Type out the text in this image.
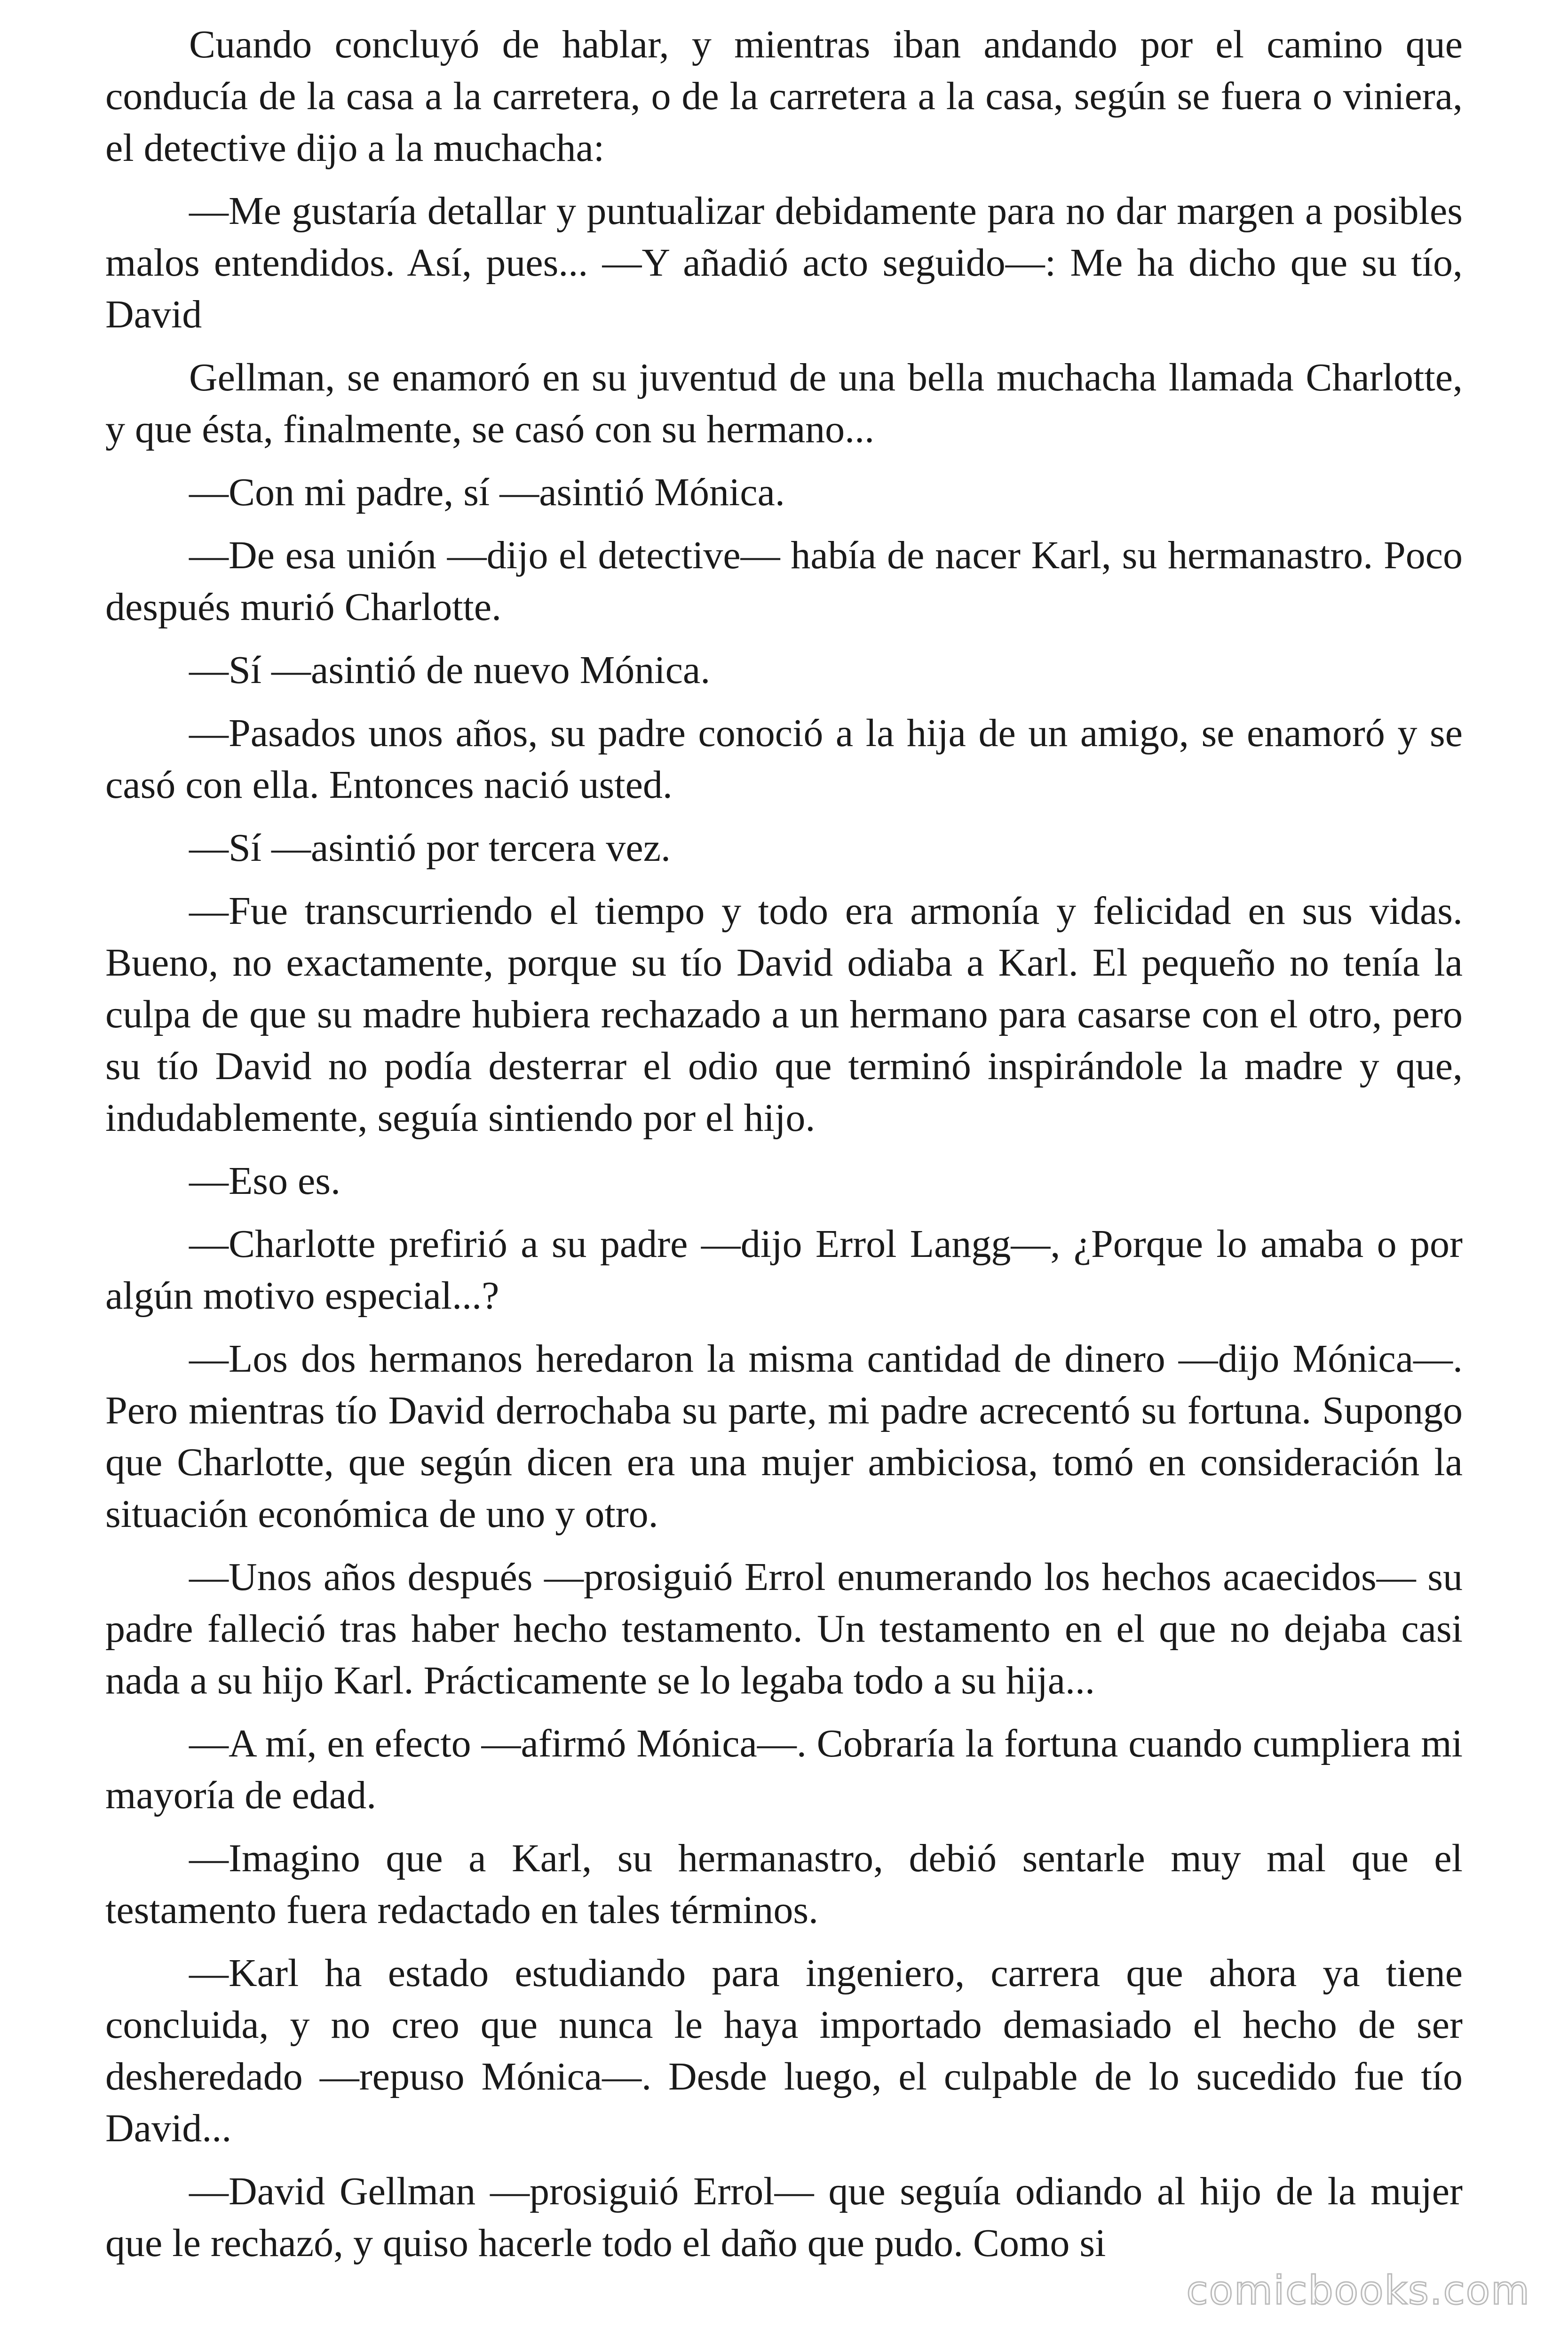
Cuando concluyó de hablar, y mientras iban andando por el camino que conducía de la casa a la carretera, o de la carretera a la casa, según se fuera o viniera, el detective dijo a la muchacha:

—Me gustaría detallar y puntualizar debidamente para no dar margen a posibles malos entendidos. Así, pues... —Y añadió acto seguido—: Me ha dicho que su tío, David

Gellman, se enamoró en su juventud de una bella muchacha llamada Charlotte, y que ésta, finalmente, se casó con su hermano...

—Con mi padre, sí —asintió Mónica.

—De esa unión —dijo el detective— había de nacer Karl, su hermanastro. Poco después murió Charlotte.

—Sí —asintió de nuevo Mónica.

—Pasados unos años, su padre conoció a la hija de un amigo, se enamoró y se casó con ella. Entonces nació usted.

—Sí —asintió por tercera vez.

—Fue transcurriendo el tiempo y todo era armonía y felicidad en sus vidas. Bueno, no exactamente, porque su tío David odiaba a Karl. El pequeño no tenía la culpa de que su madre hubiera rechazado a un hermano para casarse con el otro, pero su tío David no podía desterrar el odio que terminó inspirándole la madre y que, indudablemente, seguía sintiendo por el hijo.

—Eso es.

—Charlotte prefirió a su padre —dijo Errol Langg—, ¿Porque lo amaba o por algún motivo especial...?

—Los dos hermanos heredaron la misma cantidad de dinero —dijo Mónica—. Pero mientras tío David derrochaba su parte, mi padre acrecentó su fortuna. Supongo que Charlotte, que según dicen era una mujer ambiciosa, tomó en consideración la situación económica de uno y otro.

—Unos años después —prosiguió Errol enumerando los hechos acaecidos— su padre falleció tras haber hecho testamento. Un testamento en el que no dejaba casi nada a su hijo Karl. Prácticamente se lo legaba todo a su hija...

—A mí, en efecto —afirmó Mónica—. Cobraría la fortuna cuando cumpliera mi mayoría de edad.

—Imagino que a Karl, su hermanastro, debió sentarle muy mal que el testamento fuera redactado en tales términos.

—Karl ha estado estudiando para ingeniero, carrera que ahora ya tiene concluida, y no creo que nunca le haya importado demasiado el hecho de ser desheredado —repuso Mónica—. Desde luego, el culpable de lo sucedido fue tío David...

—David Gellman —prosiguió Errol— que seguía odiando al hijo de la mujer que le rechazó, y quiso hacerle todo el daño que pudo. Como si

comicbooks.com
